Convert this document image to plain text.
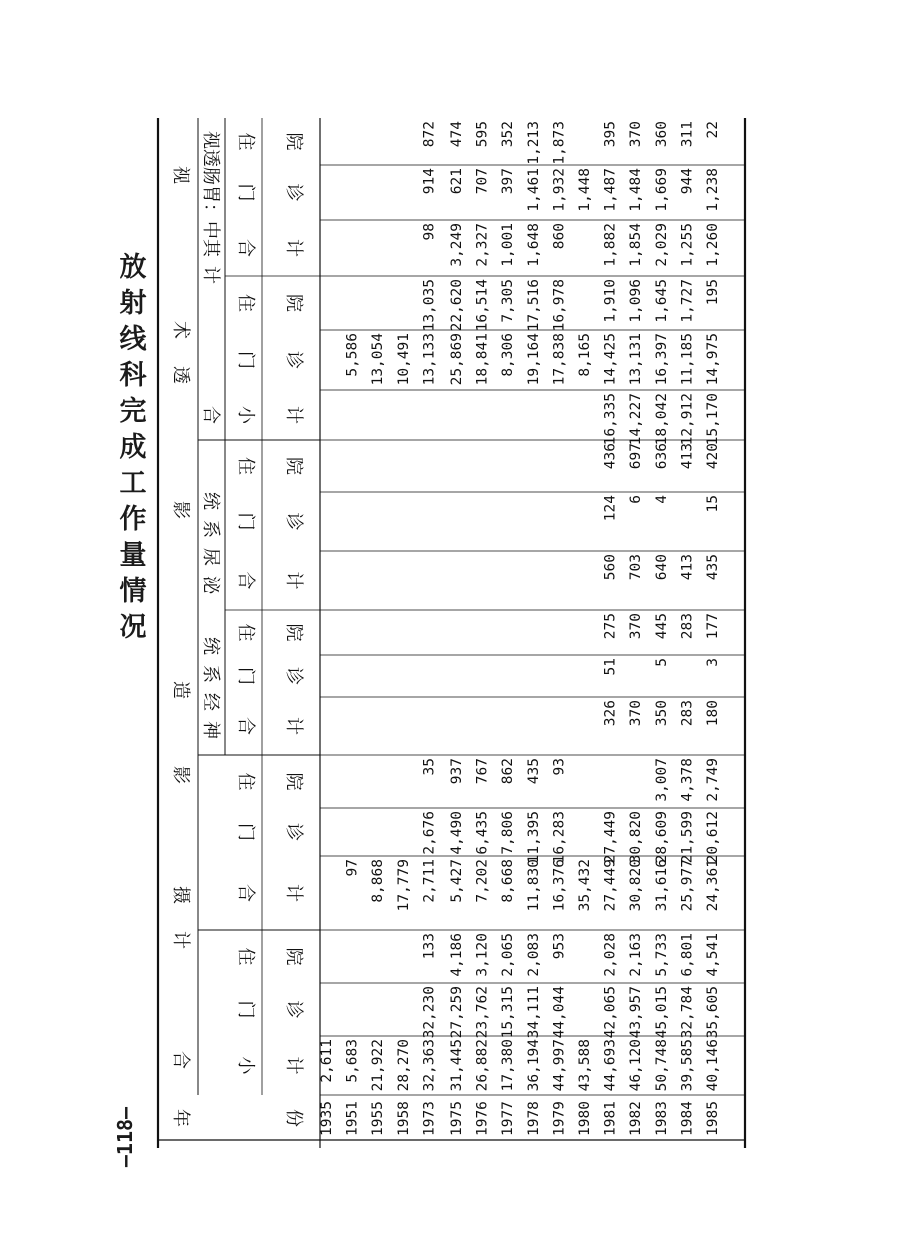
放射线科完成工作量情况
—118— 年	份
合
计
摄
影
造
影
术
透
视
神
经
系
统
泌
尿
系
统
合
计
其
中
：
胃
肠
透
视
小 计
门 诊
住 院
合 计
门 诊
住 院
合 计
门 诊
住 院
合 计
门 诊
住 院
小 计
门 诊
住 院
合 计
门 诊
住 院
1935
2,611
1951
5,683
97
5,586
1955
21,922
8,868
13,054
1958
28,270
17,779
10,491
1973
32,363
32,230
133
2,711
2,676
35
13,133
13,035
98
914
872
1975
31,445
27,259
4,186
5,427
4,490
937
25,869
22,620
3,249
621
474
1976
26,882
23,762
3,120
7,202
6,435
767
18,841
16,514
2,327
707
595
1977
17,380
15,315
2,065
8,668
7,806
862
8,306
7,305
1,001
397
352
1978
36,194
34,111
2,083
11,830
11,395
435
19,164
17,516
1,648
1,461
1,213
1979
44,997
44,044
953
16,376
16,283
93
17,838
16,978
860
1,932
1,873
1980
43,588
35,432
8,165
1,448
1981
44,693
42,065
2,028
27,449
27,449
326
51
275
560
124
436
16,335
14,425
1,910
1,882
1,487
395
1982
46,120
43,957
2,163
30,820
30,820
370
370
703
6
697
14,227
13,131
1,096
1,854
1,484
370
1983
50,748
45,015
5,733
31,616
28,609
3,007
350
5
445
640
4
636
18,042
16,397
1,645
2,029
1,669
360
1984
39,585
32,784
6,801
25,977
21,599
4,378
283
283
413
413
12,912
11,185
1,727
1,255
944
311
1985
40,146
35,605
4,541
24,361
20,612
2,749
180
3
177
435
15
420
15,170
14,975
195
1,260
1,238
22
